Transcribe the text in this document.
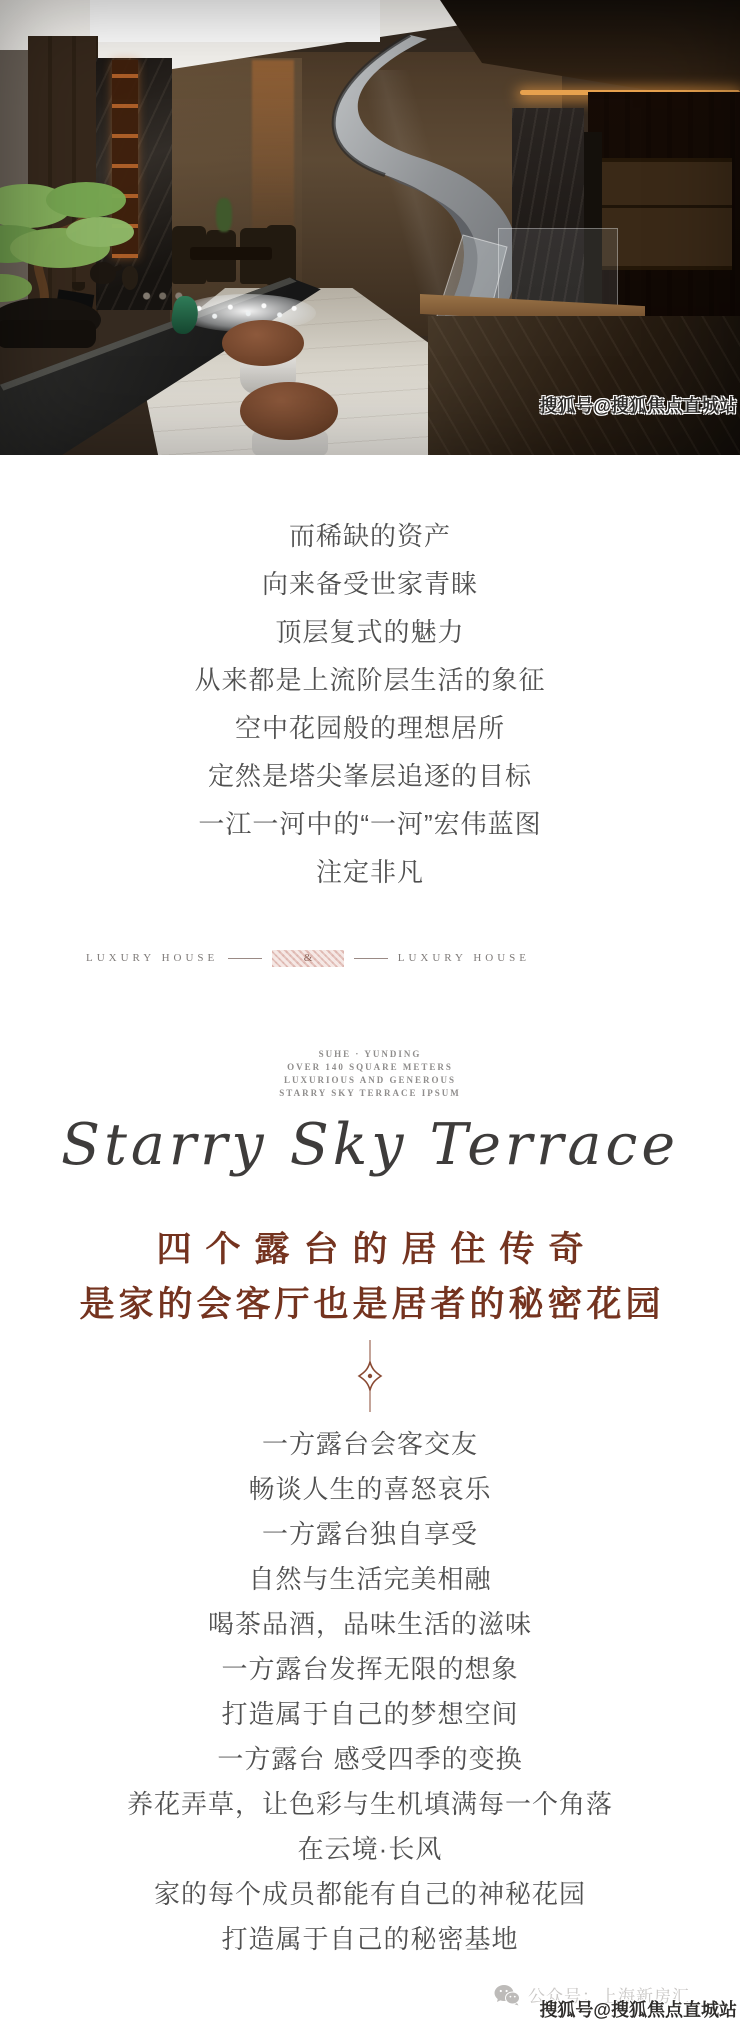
而稀缺的资产
向来备受世家青睐
顶层复式的魅力
从来都是上流阶层生活的象征
空中花园般的理想居所
定然是塔尖峯层追逐的目标
一江一河中的“一河”宏伟蓝图
注定非凡
LUXURY HOUSE	&	LUXURY HOUSE
SUHE · YUNDING
OVER 140 SQUARE METERS
LUXURIOUS AND GENEROUS
STARRY SKY TERRACE IPSUM
Starry Sky Terrace
四个露台的居住传奇
是家的会客厅也是居者的秘密花园
一方露台会客交友
畅谈人生的喜怒哀乐
一方露台独自享受
自然与生活完美相融
喝茶品酒，品味生活的滋味
一方露台发挥无限的想象
打造属于自己的梦想空间
一方露台 感受四季的变换
养花弄草，让色彩与生机填满每一个角落
在云境·长风
家的每个成员都能有自己的神秘花园
打造属于自己的秘密基地
公众号：上海新房汇
搜狐号@搜狐焦点直城站
搜狐号@搜狐焦点直城站
